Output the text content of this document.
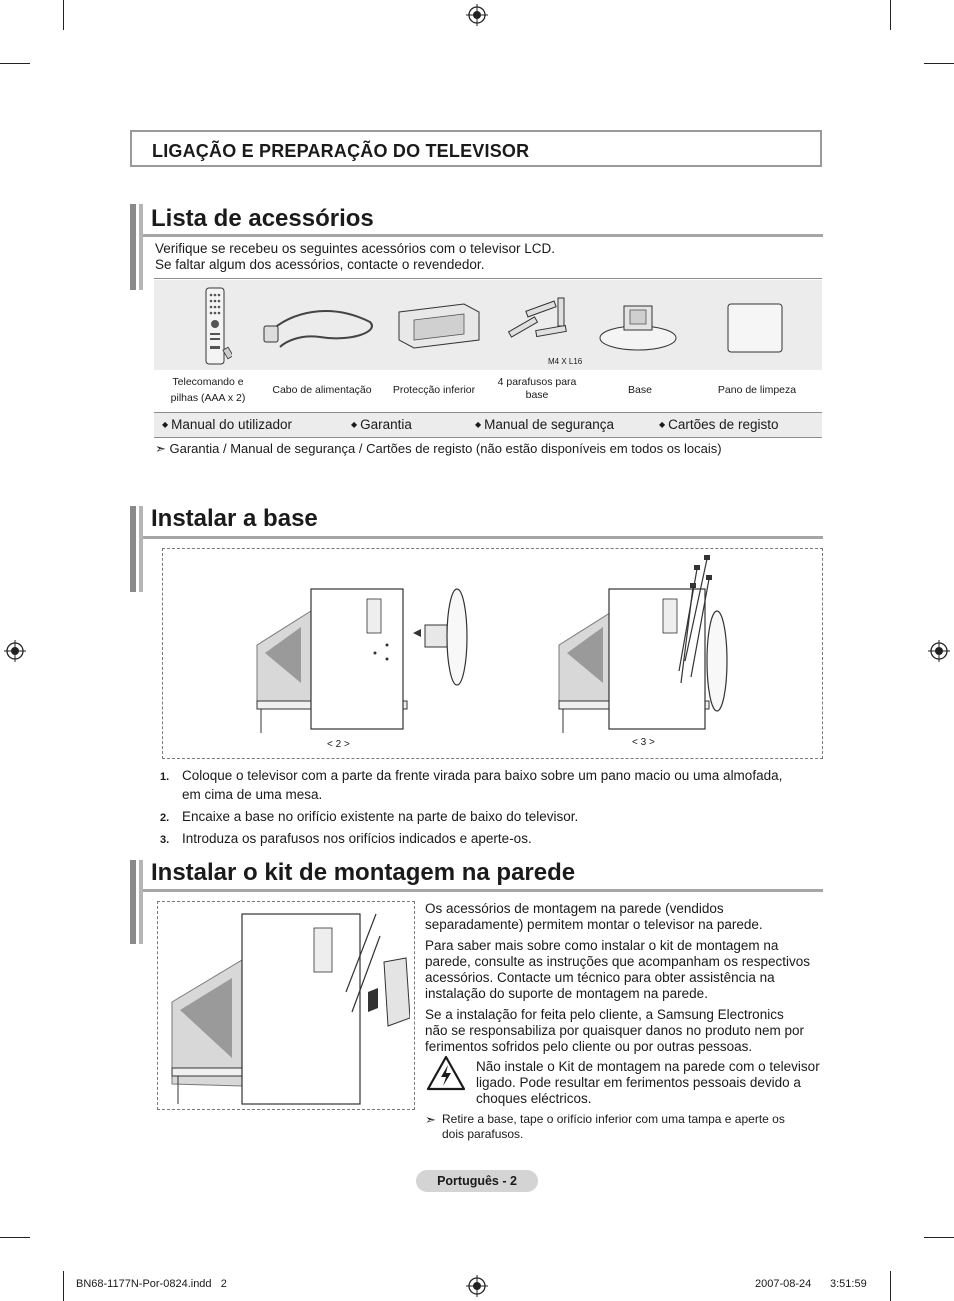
LIGAÇÃO E PREPARAÇÃO DO TELEVISOR
Lista de acessórios
Verifique se recebeu os seguintes acessórios com o televisor LCD.
Se faltar algum dos acessórios, contacte o revendedor.
M4 X L16
Telecomando e
pilhas (AAA x 2)
Cabo de alimentação	Protecção inferior
4 parafusos para
base	Base	Pano de limpeza
◆ Manual do utilizador	◆ Garantia	◆ Manual de segurança	◆ Cartões de registo
➣ Garantia / Manual de segurança / Cartões de registo (não estão disponíveis em todos os locais)
Instalar a base
< 2 >	< 3 >
1. Coloque o televisor com a parte da frente virada para baixo sobre um pano macio ou uma almofada,
em cima de uma mesa.
2. Encaixe a base no orifício existente na parte de baixo do televisor.
3. Introduza os parafusos nos orifícios indicados e aperte-os.
Instalar o kit de montagem na parede
Os acessórios de montagem na parede (vendidos
separadamente) permitem montar o televisor na parede.
Para saber mais sobre como instalar o kit de montagem na
parede, consulte as instruções que acompanham os respectivos
acessórios. Contacte um técnico para obter assistência na
instalação do suporte de montagem na parede.
Se a instalação for feita pelo cliente, a Samsung Electronics
não se responsabiliza por quaisquer danos no produto nem por
ferimentos sofridos pelo cliente ou por outras pessoas.
Não instale o Kit de montagem na parede com o televisor
ligado. Pode resultar em ferimentos pessoais devido a
choques eléctricos.
➣ Retire a base, tape o orifício inferior com uma tampa e aperte os
dois parafusos.
Português - 2
BN68-1177N-Por-0824.indd   2	2007-08-24 3:51:59
